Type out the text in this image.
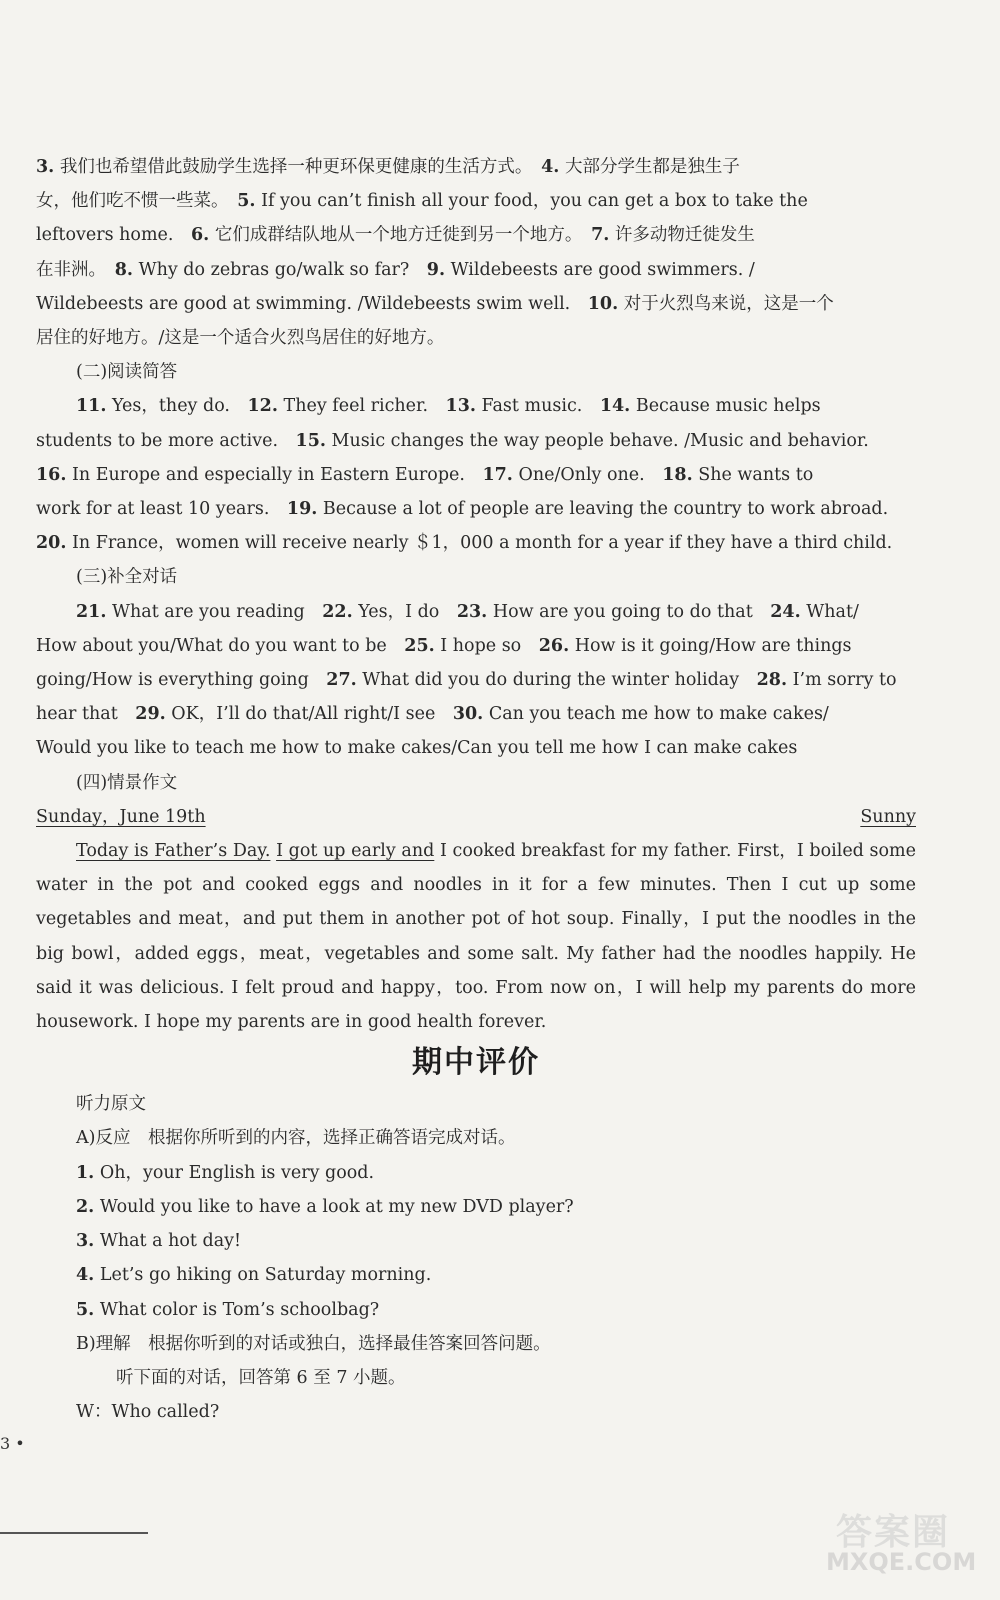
3. 我们也希望借此鼓励学生选择一种更环保更健康的生活方式。　 4. 大部分学生都是独生子

女，他们吃不惯一些菜。　 5. If you can’t finish all your food，you can get a box to take the

leftovers home.　 6. 它们成群结队地从一个地方迁徙到另一个地方。　 7. 许多动物迁徙发生

在非洲。　 8. Why do zebras go/walk so far?　 9. Wildebeests are good swimmers. /

Wildebeests are good at swimming. /Wildebeests swim well.　 10. 对于火烈鸟来说，这是一个

居住的好地方。/这是一个适合火烈鸟居住的好地方。

(二)阅读简答

11. Yes，they do.　 12. They feel richer.　 13. Fast music.　 14. Because music helps

students to be more active.　 15. Music changes the way people behave. /Music and behavior.

16. In Europe and especially in Eastern Europe.　 17. One/Only one.　 18. She wants to

work for at least 10 years.　 19. Because a lot of people are leaving the country to work abroad.

20. In France，women will receive nearly ＄1，000 a month for a year if they have a third child.

(三)补全对话

21. What are you reading　 22. Yes，I do　 23. How are you going to do that　 24. What/

How about you/What do you want to be　 25. I hope so　 26. How is it going/How are things

going/How is everything going　 27. What did you do during the winter holiday　 28. I’m sorry to

hear that　 29. OK，I’ll do that/All right/I see　 30. Can you teach me how to make cakes/

Would you like to teach me how to make cakes/Can you tell me how I can make cakes

(四)情景作文

Sunday，June 19th	Sunny

Today is Father’s Day. I got up early and I cooked breakfast for my father. First，I boiled some water in the pot and cooked eggs and noodles in it for a few minutes. Then I cut up some vegetables and meat，and put them in another pot of hot soup. Finally，I put the noodles in the big bowl，added eggs，meat，vegetables and some salt. My father had the noodles happily. He said it was delicious. I felt proud and happy，too. From now on，I will help my parents do more housework. I hope my parents are in good health forever.

期中评价

听力原文

A)反应　根据你所听到的内容，选择正确答语完成对话。

1. Oh，your English is very good.

2. Would you like to have a look at my new DVD player?

3. What a hot day!

4. Let’s go hiking on Saturday morning.

5. What color is Tom’s schoolbag?

B)理解　根据你听到的对话或独白，选择最佳答案回答问题。

听下面的对话，回答第 6 至 7 小题。

W：Who called?

3 •
答案圈
MXQE.COM
